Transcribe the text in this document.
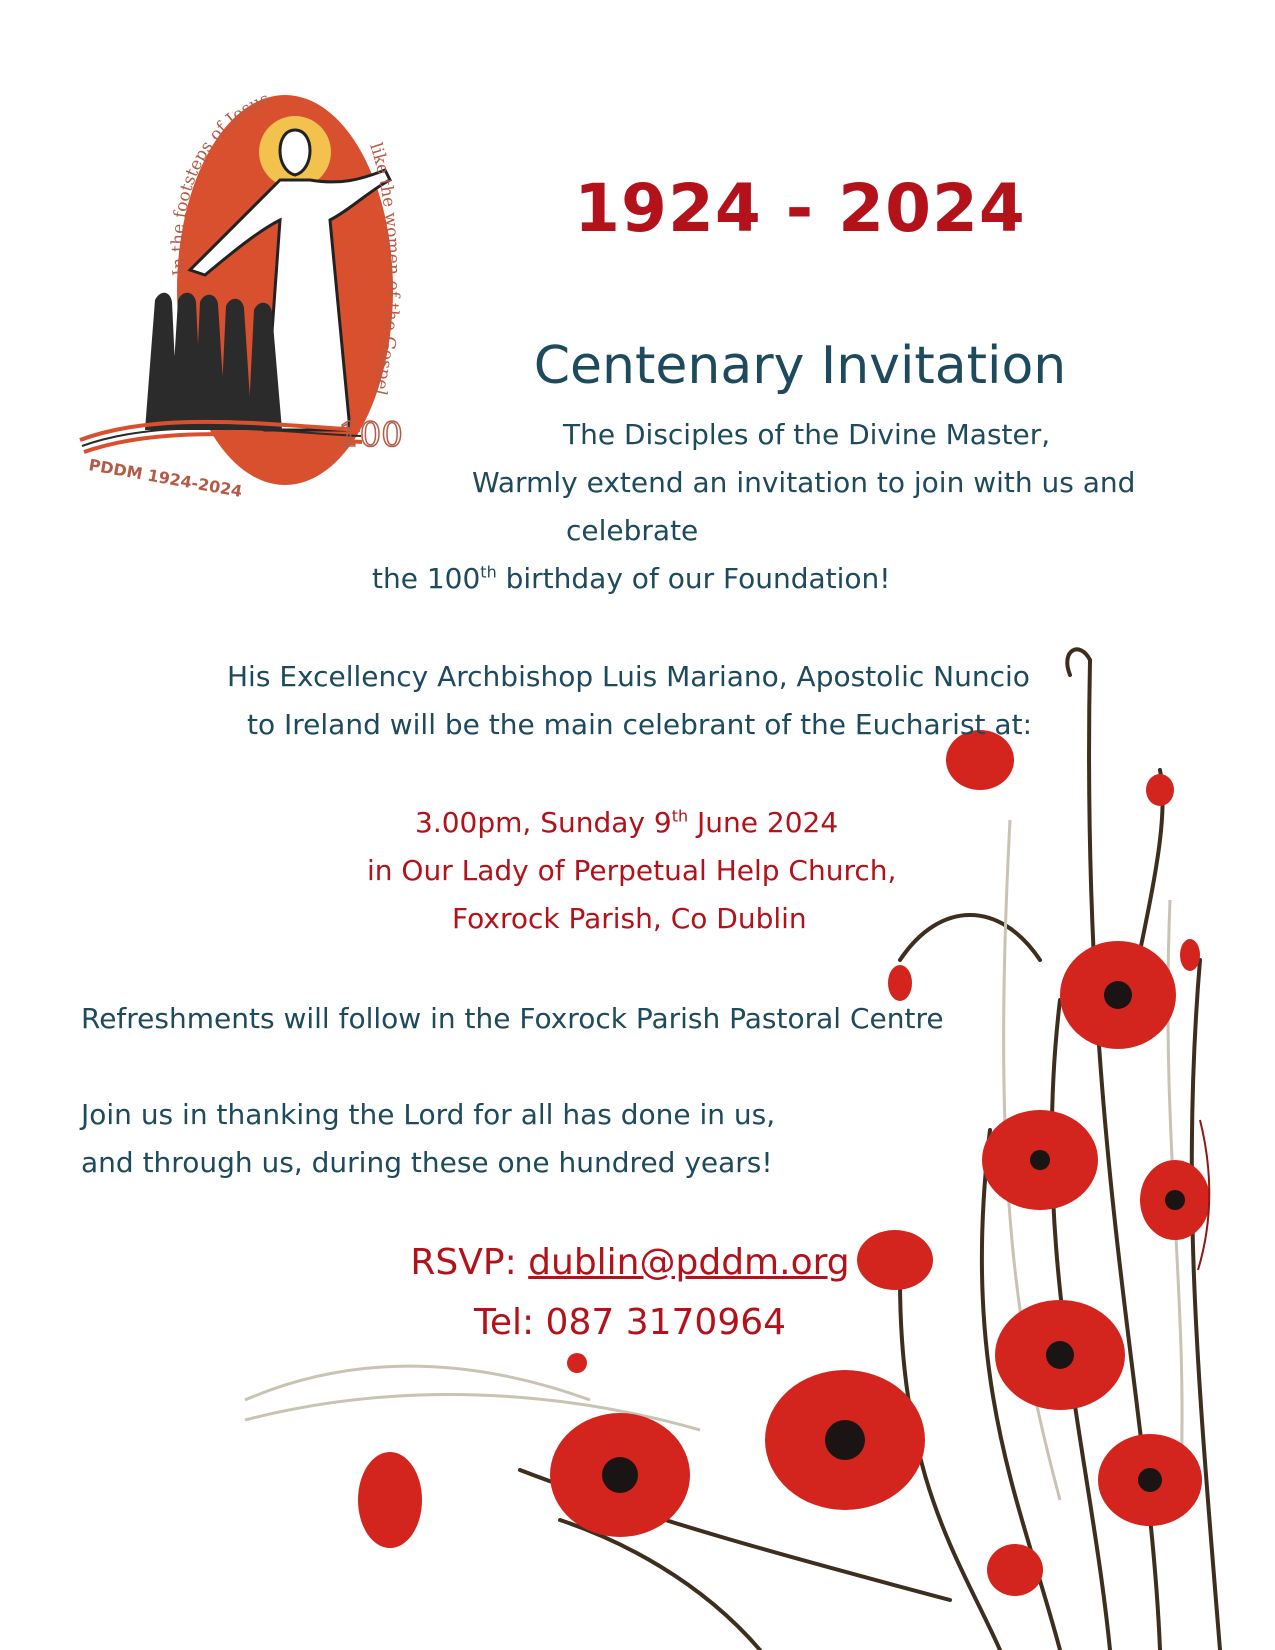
In the footsteps of Jesus
like the women of the Gospel
PDDM 1924-2024
100
1924 - 2024
Centenary Invitation
The Disciples of the Divine Master,
Warmly extend an invitation to join with us and
celebrate
the 100th birthday of our Foundation!
His Excellency Archbishop Luis Mariano, Apostolic Nuncio
to Ireland will be the main celebrant of the Eucharist at:
3.00pm, Sunday 9th June 2024
in Our Lady of Perpetual Help Church,
Foxrock Parish, Co Dublin
Refreshments will follow in the Foxrock Parish Pastoral Centre
Join us in thanking the Lord for all has done in us,
and through us, during these one hundred years!
RSVP: dublin@pddm.org
Tel: 087 3170964
